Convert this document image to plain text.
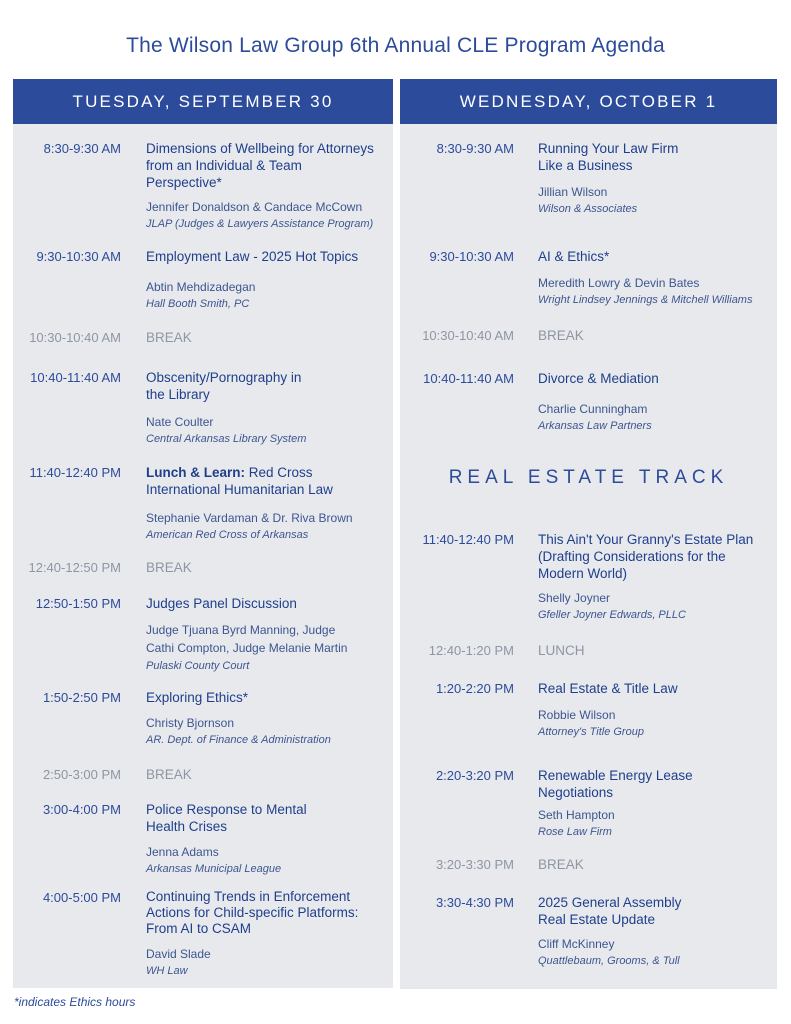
The Wilson Law Group 6th Annual CLE Program Agenda
TUESDAY, SEPTEMBER 30
8:30-9:30 AM Dimensions of Wellbeing for Attorneys from an Individual & Team Perspective*
Jennifer Donaldson & Candace McCown
JLAP (Judges & Lawyers Assistance Program)
9:30-10:30 AM Employment Law - 2025 Hot Topics
Abtin Mehdizadegan
Hall Booth Smith, PC
10:30-10:40 AM BREAK
10:40-11:40 AM Obscenity/Pornography in the Library
Nate Coulter
Central Arkansas Library System
11:40-12:40 PM Lunch & Learn: Red Cross International Humanitarian Law
Stephanie Vardaman & Dr. Riva Brown
American Red Cross of Arkansas
12:40-12:50 PM BREAK
12:50-1:50 PM Judges Panel Discussion
Judge Tjuana Byrd Manning, Judge Cathi Compton, Judge Melanie Martin
Pulaski County Court
1:50-2:50 PM Exploring Ethics*
Christy Bjornson
AR. Dept. of Finance & Administration
2:50-3:00 PM BREAK
3:00-4:00 PM Police Response to Mental Health Crises
Jenna Adams
Arkansas Municipal League
4:00-5:00 PM Continuing Trends in Enforcement Actions for Child-specific Platforms: From AI to CSAM
David Slade
WH Law
WEDNESDAY, OCTOBER 1
8:30-9:30 AM Running Your Law Firm Like a Business
Jillian Wilson
Wilson & Associates
9:30-10:30 AM AI & Ethics*
Meredith Lowry & Devin Bates
Wright Lindsey Jennings & Mitchell Williams
10:30-10:40 AM BREAK
10:40-11:40 AM Divorce & Mediation
Charlie Cunningham
Arkansas Law Partners
REAL ESTATE TRACK
11:40-12:40 PM This Ain't Your Granny's Estate Plan (Drafting Considerations for the Modern World)
Shelly Joyner
Gfeller Joyner Edwards, PLLC
12:40-1:20 PM LUNCH
1:20-2:20 PM Real Estate & Title Law
Robbie Wilson
Attorney's Title Group
2:20-3:20 PM Renewable Energy Lease Negotiations
Seth Hampton
Rose Law Firm
3:20-3:30 PM BREAK
3:30-4:30 PM 2025 General Assembly Real Estate Update
Cliff McKinney
Quattlebaum, Grooms, & Tull
*indicates Ethics hours
